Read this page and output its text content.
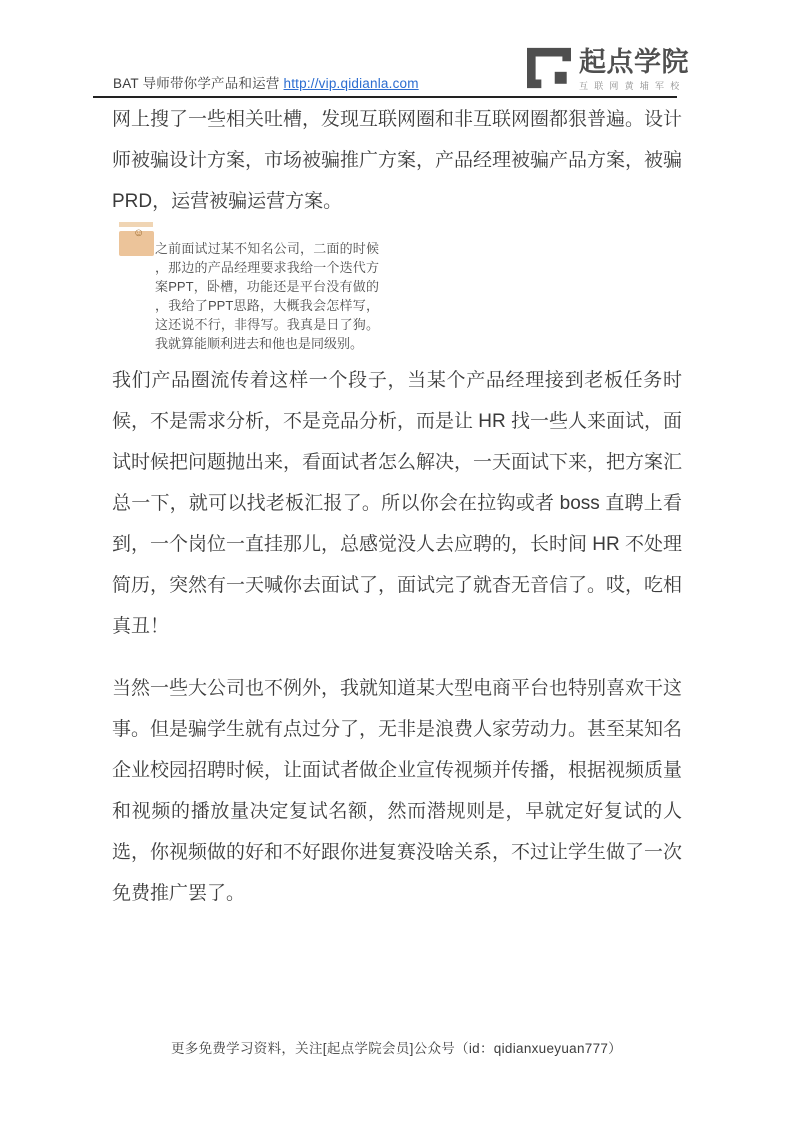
BAT 导师带你学产品和运营 http://vip.qidianla.com
起点学院
互联网黄埔军校

网上搜了一些相关吐槽，发现互联网圈和非互联网圈都狠普遍。设计师被骗设计方案，市场被骗推广方案，产品经理被骗产品方案，被骗PRD，运营被骗运营方案。

☺
之前面试过某不知名公司，二面的时候，那边的产品经理要求我给一个迭代方案PPT，卧槽，功能还是平台没有做的，我给了PPT思路，大概我会怎样写，这还说不行，非得写。我真是日了狗。我就算能顺利进去和他也是同级别。

我们产品圈流传着这样一个段子，当某个产品经理接到老板任务时候，不是需求分析，不是竞品分析，而是让 HR 找一些人来面试，面试时候把问题抛出来，看面试者怎么解决，一天面试下来，把方案汇总一下，就可以找老板汇报了。所以你会在拉钩或者 boss 直聘上看到，一个岗位一直挂那儿，总感觉没人去应聘的，长时间 HR 不处理简历，突然有一天喊你去面试了，面试完了就杳无音信了。哎，吃相真丑！

当然一些大公司也不例外，我就知道某大型电商平台也特别喜欢干这事。但是骗学生就有点过分了，无非是浪费人家劳动力。甚至某知名企业校园招聘时候，让面试者做企业宣传视频并传播，根据视频质量和视频的播放量决定复试名额，然而潜规则是，早就定好复试的人选，你视频做的好和不好跟你进复赛没啥关系，不过让学生做了一次免费推广罢了。

更多免费学习资料，关注[起点学院会员]公众号（id：qidianxueyuan777）
